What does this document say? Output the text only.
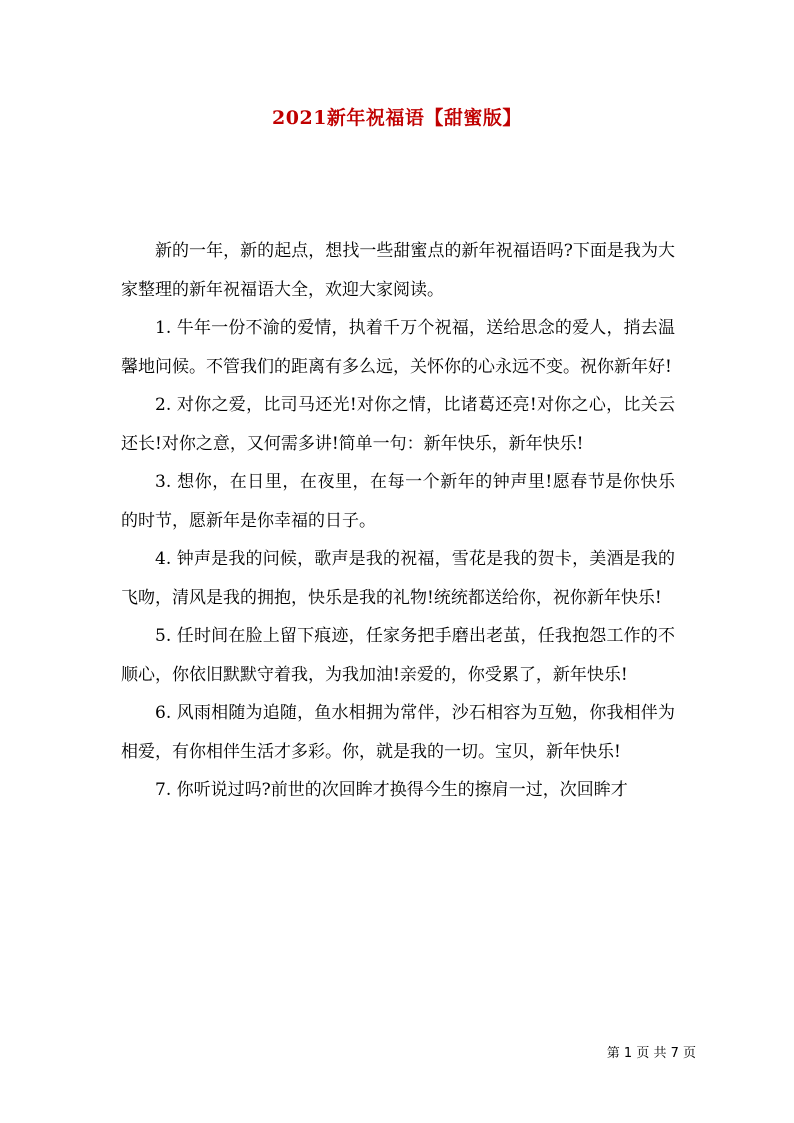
2021新年祝福语【甜蜜版】

新的一年，新的起点，想找一些甜蜜点的新年祝福语吗?下面是我为大家整理的新年祝福语大全，欢迎大家阅读。

1. 牛年一份不渝的爱情，执着千万个祝福，送给思念的爱人，捎去温馨地问候。不管我们的距离有多么远，关怀你的心永远不变。祝你新年好!

2. 对你之爱，比司马还光!对你之情，比诸葛还亮!对你之心，比关云还长!对你之意，又何需多讲!简单一句：新年快乐，新年快乐!

3. 想你，在日里，在夜里，在每一个新年的钟声里!愿春节是你快乐的时节，愿新年是你幸福的日子。

4. 钟声是我的问候，歌声是我的祝福，雪花是我的贺卡，美酒是我的飞吻，清风是我的拥抱，快乐是我的礼物!统统都送给你，祝你新年快乐!

5. 任时间在脸上留下痕迹，任家务把手磨出老茧，任我抱怨工作的不顺心，你依旧默默守着我，为我加油!亲爱的，你受累了，新年快乐!

6. 风雨相随为追随，鱼水相拥为常伴，沙石相容为互勉，你我相伴为相爱，有你相伴生活才多彩。你，就是我的一切。宝贝，新年快乐!

7. 你听说过吗?前世的次回眸才换得今生的擦肩一过，次回眸才

第 1 页 共 7 页
